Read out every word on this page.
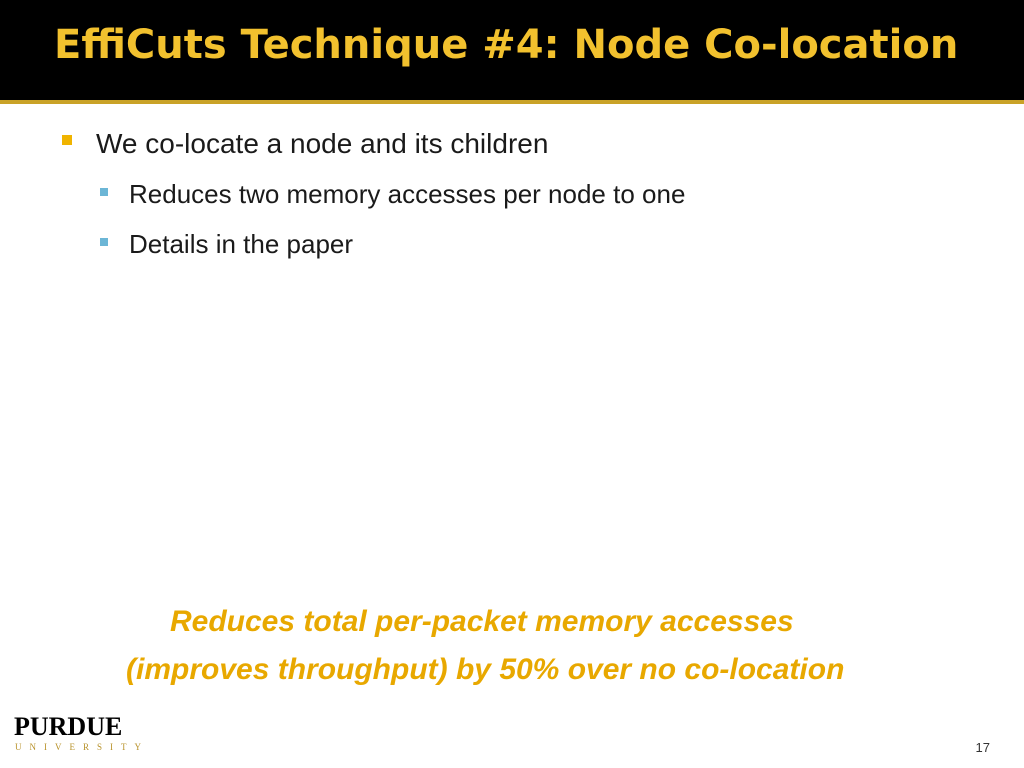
EffiCuts Technique #4: Node Co-location
We co-locate a node and its children
Reduces two memory accesses per node to one
Details in the paper
Reduces total per-packet memory accesses
(improves throughput) by 50% over no co-location
PURDUE
UNIVERSITY	17
